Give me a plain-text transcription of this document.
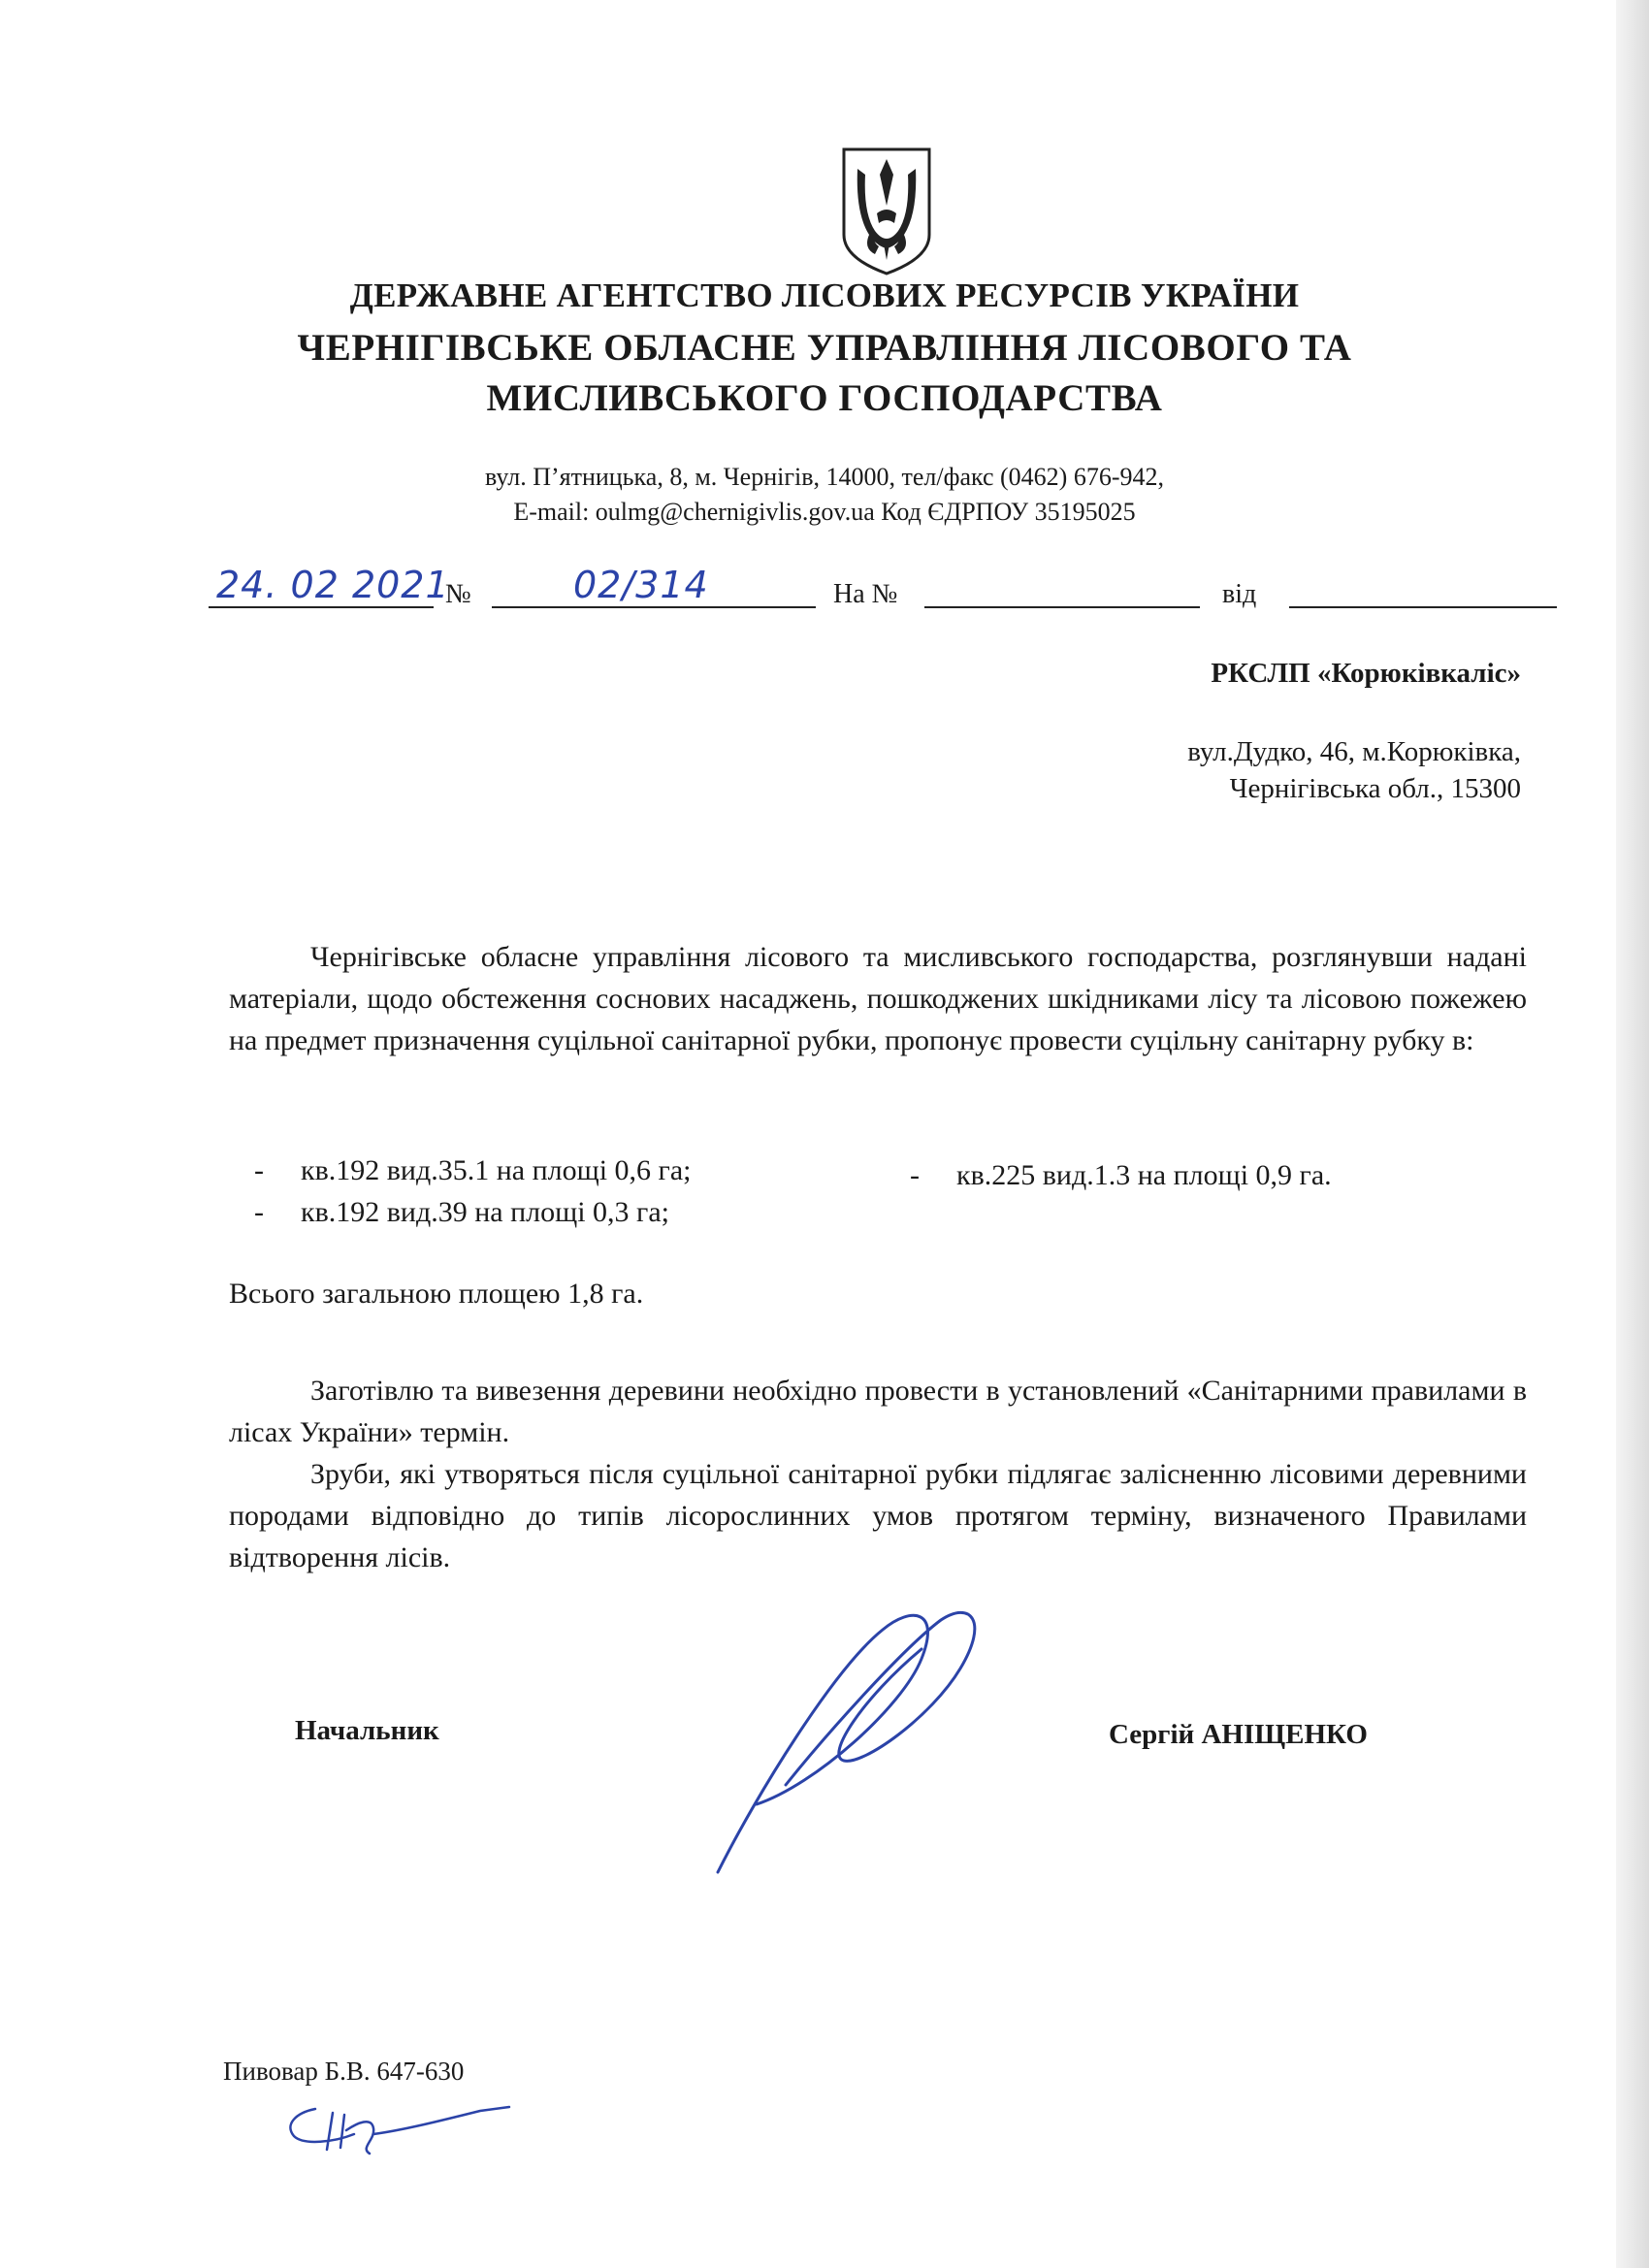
ДЕРЖАВНЕ АГЕНТСТВО ЛІСОВИХ РЕСУРСІВ УКРАЇНИ
ЧЕРНІГІВСЬКЕ ОБЛАСНЕ УПРАВЛІННЯ ЛІСОВОГО ТА
МИСЛИВСЬКОГО ГОСПОДАРСТВА
вул. П’ятницька, 8, м. Чернігів, 14000, тел/факс (0462) 676-942,
E-mail: oulmg@chernigivlis.gov.ua Код ЄДРПОУ 35195025
24. 02 2021
№	02/314	На №	від
РКСЛП «Корюківкаліс»
вул.Дудко, 46, м.Корюківка,
Чернігівська обл., 15300
Чернігівське обласне управління лісового та мисливського господарства, розглянувши надані матеріали, щодо обстеження соснових насаджень, пошкоджених шкідниками лісу та лісовою пожежею на предмет призначення суцільної санітарної рубки, пропонує провести суцільну санітарну рубку в:
- кв.192 вид.35.1 на площі 0,6 га;
- кв.192 вид.39 на площі 0,3 га;
- кв.225 вид.1.3 на площі 0,9 га.
Всього загальною площею 1,8 га.
Заготівлю та вивезення деревини необхідно провести в установлений «Санітарними правилами в лісах України» термін.
Зруби, які утворяться після суцільної санітарної рубки підлягає залісненню лісовими деревними породами відповідно до типів лісорослинних умов протягом терміну, визначеного Правилами відтворення лісів.
Начальник	Сергій АНІЩЕНКО
Пивовар Б.В. 647-630
